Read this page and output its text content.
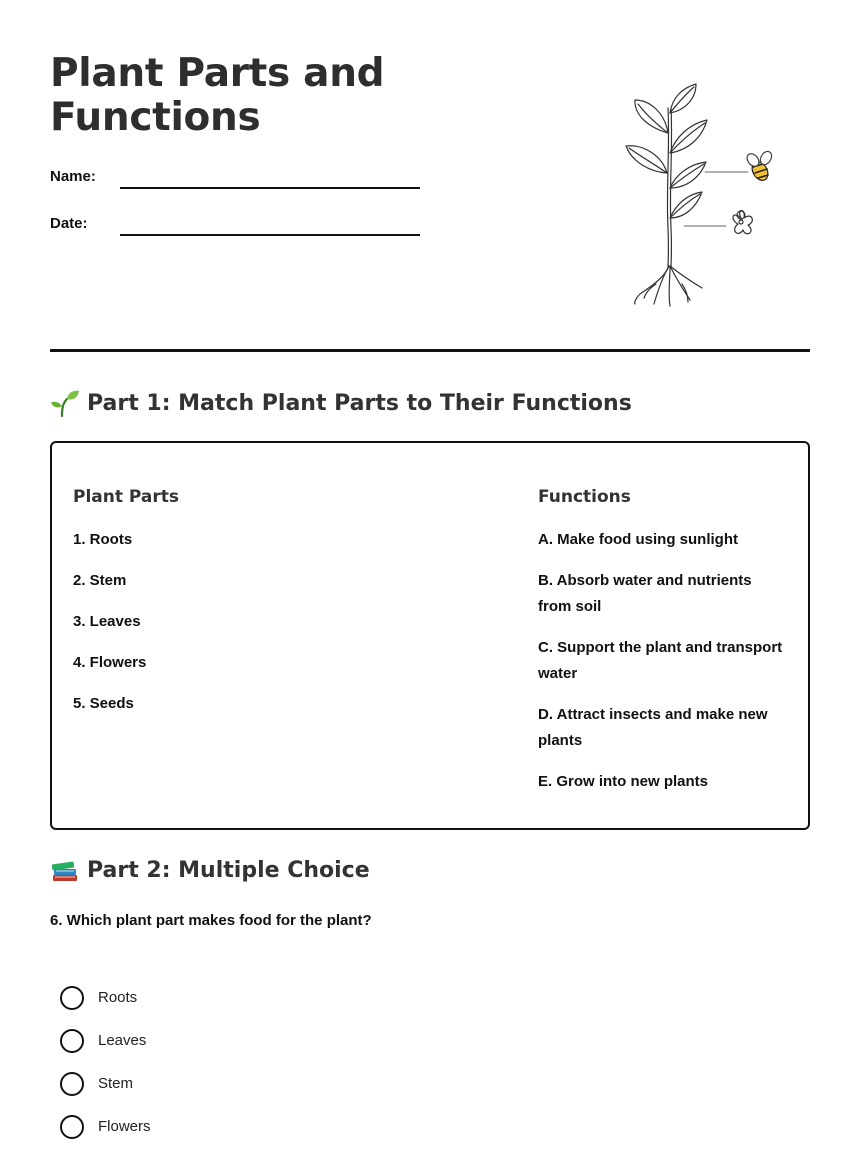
Plant Parts and
Functions
Name:
Date:
Part 1: Match Plant Parts to Their Functions
Plant Parts
1. Roots
2. Stem
3. Leaves
4. Flowers
5. Seeds
Functions
A. Make food using sunlight
B. Absorb water and nutrients from soil
C. Support the plant and transport water
D. Attract insects and make new plants
E. Grow into new plants
Part 2: Multiple Choice
6. Which plant part makes food for the plant?
Roots
Leaves
Stem
Flowers
